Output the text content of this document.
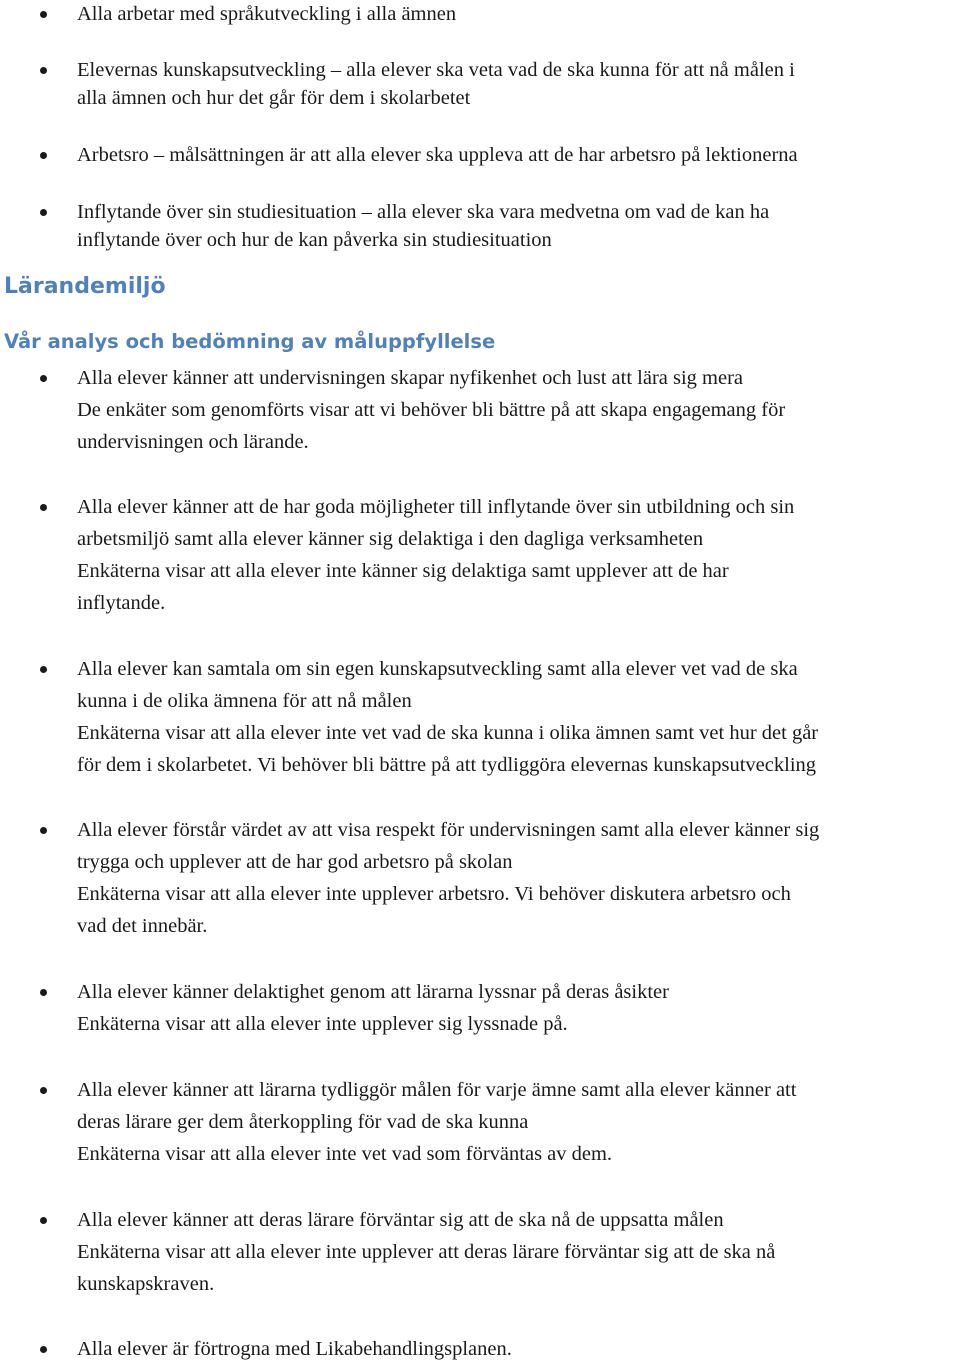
Alla arbetar med språkutveckling i alla ämnen
Elevernas kunskapsutveckling – alla elever ska veta vad de ska kunna för att nå målen i
alla ämnen och hur det går för dem i skolarbetet
Arbetsro – målsättningen är att alla elever ska uppleva att de har arbetsro på lektionerna
Inflytande över sin studiesituation – alla elever ska vara medvetna om vad de kan ha
inflytande över och hur de kan påverka sin studiesituation
Lärandemiljö
Vår analys och bedömning av måluppfyllelse
Alla elever känner att undervisningen skapar nyfikenhet och lust att lära sig mera
De enkäter som genomförts visar att vi behöver bli bättre på att skapa engagemang för
undervisningen och lärande.
Alla elever känner att de har goda möjligheter till inflytande över sin utbildning och sin
arbetsmiljö samt alla elever känner sig delaktiga i den dagliga verksamheten
Enkäterna visar att alla elever inte känner sig delaktiga samt upplever att de har
inflytande.
Alla elever kan samtala om sin egen kunskapsutveckling samt alla elever vet vad de ska
kunna i de olika ämnena för att nå målen
Enkäterna visar att alla elever inte vet vad de ska kunna i olika ämnen samt vet hur det går
för dem i skolarbetet. Vi behöver bli bättre på att tydliggöra elevernas kunskapsutveckling
Alla elever förstår värdet av att visa respekt för undervisningen samt alla elever känner sig
trygga och upplever att de har god arbetsro på skolan
Enkäterna visar att alla elever inte upplever arbetsro. Vi behöver diskutera arbetsro och
vad det innebär.
Alla elever känner delaktighet genom att lärarna lyssnar på deras åsikter
Enkäterna visar att alla elever inte upplever sig lyssnade på.
Alla elever känner att lärarna tydliggör målen för varje ämne samt alla elever känner att
deras lärare ger dem återkoppling för vad de ska kunna
Enkäterna visar att alla elever inte vet vad som förväntas av dem.
Alla elever känner att deras lärare förväntar sig att de ska nå de uppsatta målen
Enkäterna visar att alla elever inte upplever att deras lärare förväntar sig att de ska nå
kunskapskraven.
Alla elever är förtrogna med Likabehandlingsplanen.
